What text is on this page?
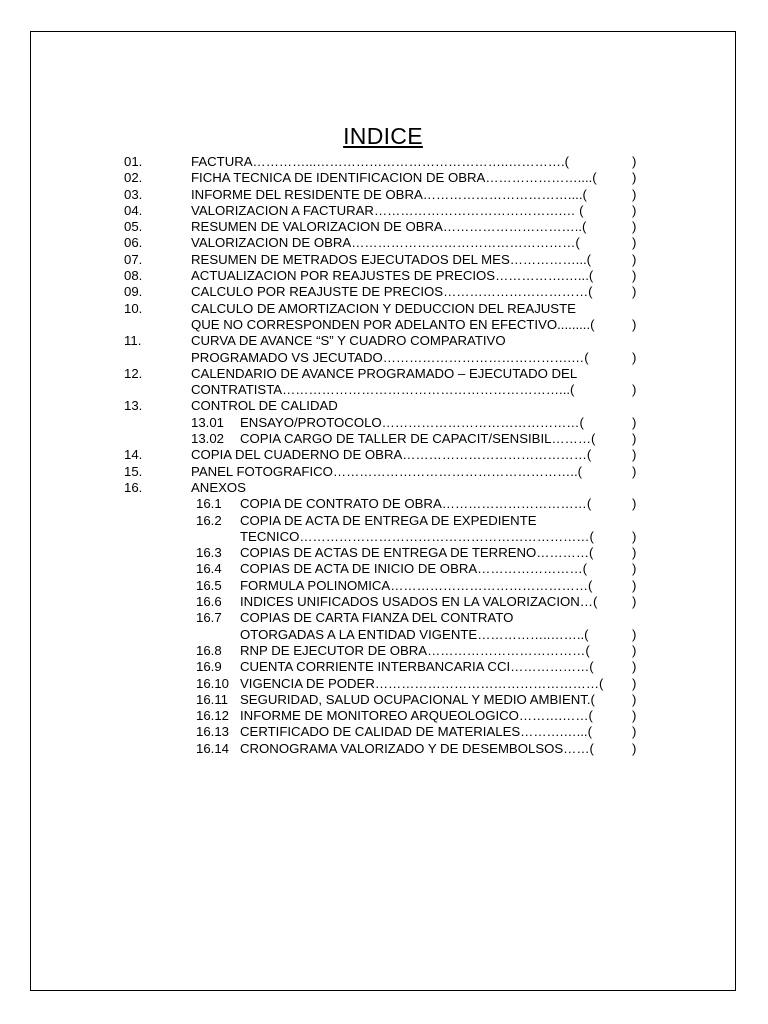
INDICE
01.	FACTURA…………...……………………………………..………….(	)
02.	FICHA TECNICA DE IDENTIFICACION DE OBRA…………………....(	)
03.	INFORME DEL RESIDENTE DE OBRA……………………………....(	)
04.	VALORIZACION A FACTURAR…………………………………….… (	)
05.	RESUMEN DE VALORIZACION DE OBRA…………………………..(	)
06.	VALORIZACION DE OBRA……………………………………………(	)
07.	RESUMEN DE METRADOS EJECUTADOS DEL MES……………...(	)
08.	ACTUALIZACION POR REAJUSTES DE PRECIOS…………….…...(	)
09.	CALCULO POR REAJUSTE DE PRECIOS……………………………(	)
10.	CALCULO DE AMORTIZACION Y DEDUCCION DEL REAJUSTE
QUE NO CORRESPONDEN POR ADELANTO EN EFECTIVO.........(	)
11.	CURVA DE AVANCE “S” Y CUADRO COMPARATIVO
PROGRAMADO VS JECUTADO…………………………………….…(	)
12.	CALENDARIO DE AVANCE PROGRAMADO – EJECUTADO DEL
CONTRATISTA………………………………………………………...(	)
13.	CONTROL DE CALIDAD
13.01 ENSAYO/PROTOCOLO………………………………………(	)
13.02 COPIA CARGO DE TALLER DE CAPACIT/SENSIBIL………(	)
14.	COPIA DEL CUADERNO DE OBRA……………………………………(	)
15.	PANEL FOTOGRAFICO………………………………………………..(	)
16.	ANEXOS
16.1 COPIA DE CONTRATO DE OBRA……………………………(	)
16.2 COPIA DE ACTA DE ENTREGA DE EXPEDIENTE
TECNICO…………………………………………………………(	)
16.3 COPIAS DE ACTAS DE ENTREGA DE TERRENO…………(	)
16.4 COPIAS DE ACTA DE INICIO DE OBRA……………………(	)
16.5 FORMULA POLINOMICA………………………………………(	)
16.6 INDICES UNIFICADOS USADOS EN LA VALORIZACION…(	)
16.7 COPIAS DE CARTA FIANZA DEL CONTRATO
OTORGADAS A LA ENTIDAD VIGENTE……………..……..(	)
16.8 RNP DE EJECUTOR DE OBRA………………………………(	)
16.9 CUENTA CORRIENTE INTERBANCARIA CCI………………(	)
16.10 VIGENCIA DE PODER……………………………………………( )
16.11 SEGURIDAD, SALUD OCUPACIONAL Y MEDIO AMBIENT.(	)
16.12 INFORME DE MONITOREO ARQUEOLOGICO……….……(	)
16.13 CERTIFICADO DE CALIDAD DE MATERIALES……….…...(	)
16.14 CRONOGRAMA VALORIZADO Y DE DESEMBOLSOS……(	)
